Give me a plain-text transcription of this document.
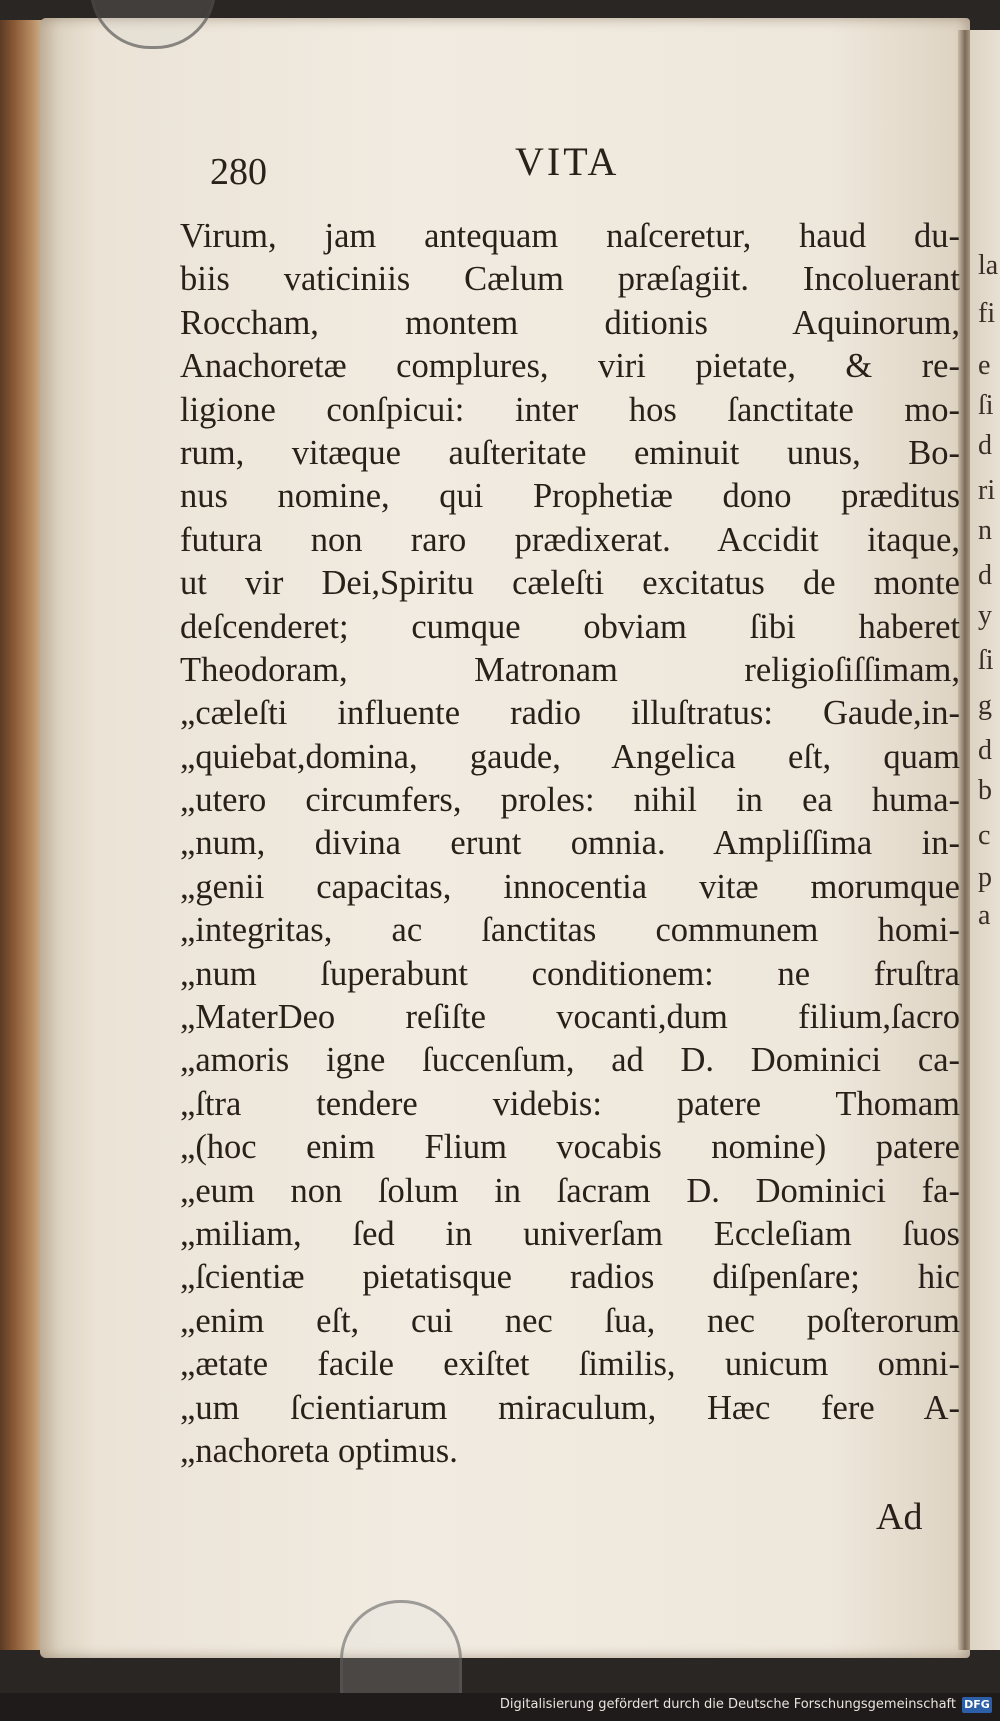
la
fi
e
ſi
d
ri
n
d
y
ſi
g
d
b
c
p
a
280	VITA
Virum, jam antequam naſceretur, haud du-
biis vaticiniis Cælum præſagiit. Incoluerant
Roccham, montem ditionis Aquinorum,
Anachoretæ complures, viri pietate, & re-
ligione conſpicui: inter hos ſanctitate mo-
rum, vitæque auſteritate eminuit unus, Bo-
nus nomine, qui Prophetiæ dono præditus
futura non raro prædixerat. Accidit itaque,
ut vir Dei,Spiritu cæleſti excitatus de monte
deſcenderet; cumque obviam ſibi haberet
Theodoram, Matronam religioſiſſimam,
„cæleſti influente radio illuſtratus: Gaude,in-
„quiebat,domina, gaude, Angelica eſt, quam
„utero circumfers, proles: nihil in ea huma-
„num, divina erunt omnia. Ampliſſima in-
„genii capacitas, innocentia vitæ morumque
„integritas, ac ſanctitas communem homi-
„num ſuperabunt conditionem: ne fruſtra
„MaterDeo reſiſte vocanti,dum filium,ſacro
„amoris igne ſuccenſum, ad D. Dominici ca-
„ſtra tendere videbis: patere Thomam
„(hoc enim Flium vocabis nomine) patere
„eum non ſolum in ſacram D. Dominici fa-
„miliam, ſed in univerſam Eccleſiam ſuos
„ſcientiæ pietatisque radios diſpenſare; hic
„enim eſt, cui nec ſua, nec poſterorum
„ætate facile exiſtet ſimilis, unicum omni-
„um ſcientiarum miraculum, Hæc fere A-
„nachoreta optimus.
Ad
Digitalisierung gefördert durch die Deutsche Forschungsgemeinschaft DFG
